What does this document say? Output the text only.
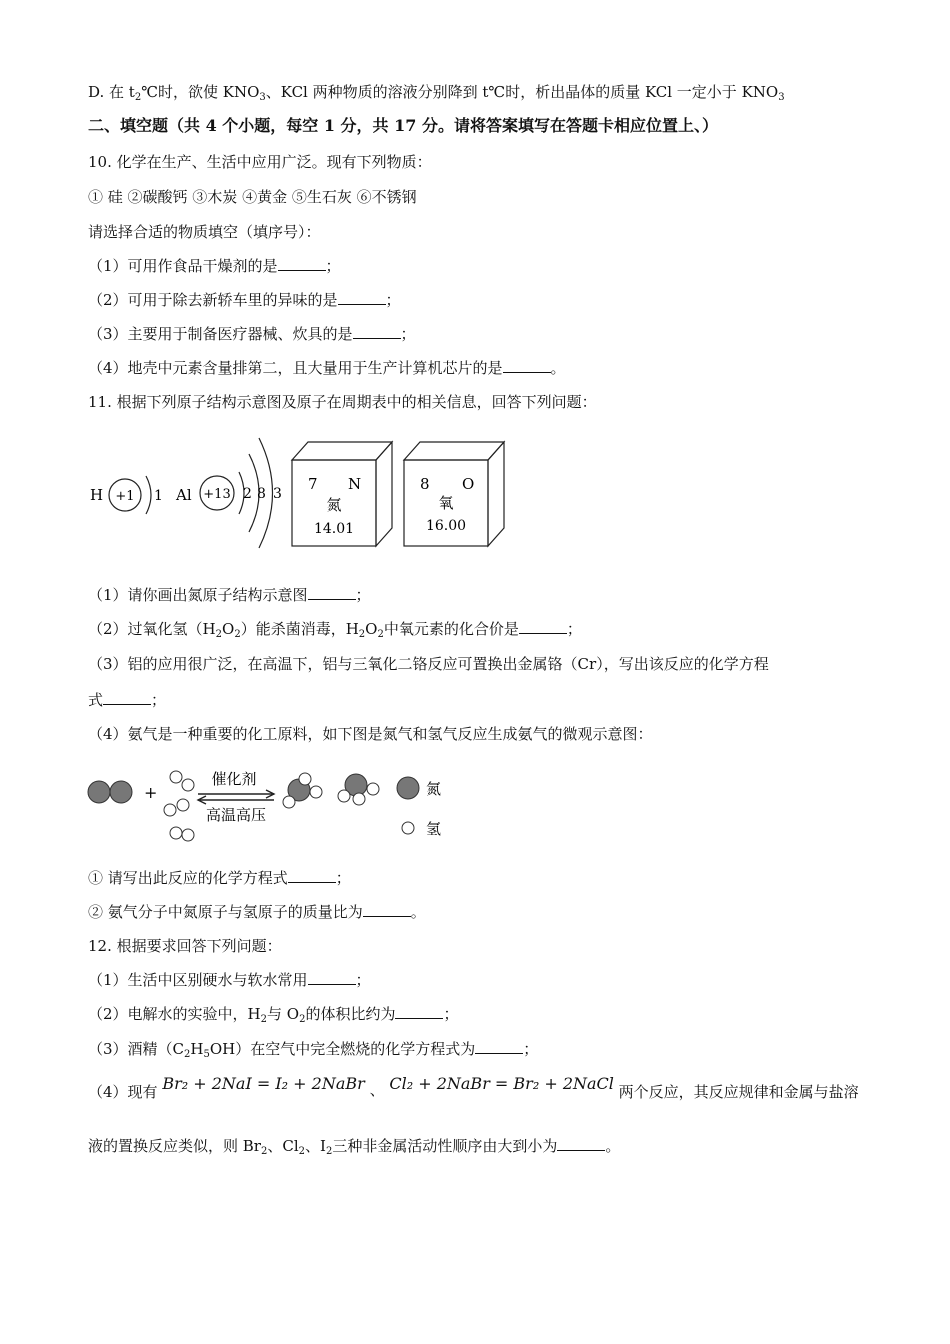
D. 在 $t_2℃$时，欲使 $KNO_3$、KCl 两种物质的溶液分别降到 t℃时，析出晶体的质量 KCl 一定小于 $KNO_3$
二、填空题（共 4 个小题，每空 1 分，共 17 分。请将答案填写在答题卡相应位置上、）
10. 化学在生产、生活中应用广泛。现有下列物质：
① 硅 ②碳酸钙 ③木炭 ④黄金 ⑤生石灰 ⑥不锈钢
请选择合适的物质填空（填序号）：
（1）可用作食品干燥剂的是	；
（2）可用于除去新轿车里的异味的是	；
（3）主要用于制备医疗器械、炊具的是	；
（4）地壳中元素含量排第二，且大量用于生产计算机芯片的是	。
11. 根据下列原子结构示意图及原子在周期表中的相关信息，回答下列问题：
H +1 1 Al +13 2 8 3
7 N
氮
14.01
8 O
氧
16.00
（1）请你画出氮原子结构示意图	；
（2）过氧化氢$(H_2O_2)$能杀菌消毒，$H_2O_2$中氧元素的化合价是	；
（3）铝的应用很广泛，在高温下，铝与三氧化二铬反应可置换出金属铬（Cr），写出该反应的化学方程
式	；
（4）氨气是一种重要的化工原料，如下图是氮气和氢气反应生成氨气的微观示意图：
+
催化剂
高温高压
氮
氢
① 请写出此反应的化学方程式	；
② 氨气分子中氮原子与氢原子的质量比为	。
12. 根据要求回答下列问题：
（1）生活中区别硬水与软水常用	；
（2）电解水的实验中，$H_2$与 $O_2$的体积比约为	；
（3）酒精$(C_2H_5OH)$在空气中完全燃烧的化学方程式为	；
（4）现有 Br₂ + 2NaI = I₂ + 2NaBr 、 Cl₂ + 2NaBr = Br₂ + 2NaCl 两个反应，其反应规律和金属与盐溶
液的置换反应类似，则 $Br_2$、$Cl_2$、$I_2$三种非金属活动性顺序由大到小为	。
